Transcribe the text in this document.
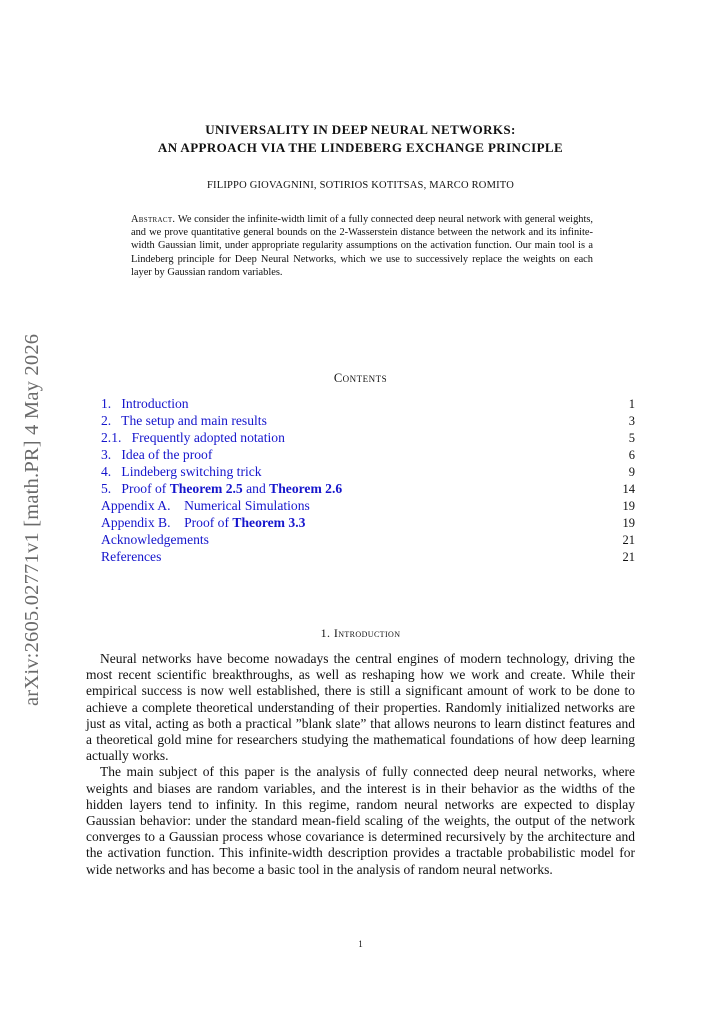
UNIVERSALITY IN DEEP NEURAL NETWORKS:
AN APPROACH VIA THE LINDEBERG EXCHANGE PRINCIPLE
FILIPPO GIOVAGNINI, SOTIRIOS KOTITSAS, MARCO ROMITO
Abstract. We consider the infinite-width limit of a fully connected deep neural network with general weights, and we prove quantitative general bounds on the 2-Wasserstein distance between the network and its infinite-width Gaussian limit, under appropriate regularity assumptions on the activation function. Our main tool is a Lindeberg principle for Deep Neural Networks, which we use to successively replace the weights on each layer by Gaussian random variables.
arXiv:2605.02771v1 [math.PR] 4 May 2026	Contents
1.   Introduction	1
2.   The setup and main results	3
2.1.   Frequently adopted notation	5
3.   Idea of the proof	6
4.   Lindeberg switching trick	9
5.   Proof of Theorem 2.5 and Theorem 2.6	14
Appendix A.    Numerical Simulations	19
Appendix B.    Proof of Theorem 3.3	19
Acknowledgements	21
References	21
1. Introduction

Neural networks have become nowadays the central engines of modern technology, driving the most recent scientific breakthroughs, as well as reshaping how we work and create. While their empirical success is now well established, there is still a significant amount of work to be done to achieve a complete theoretical understanding of their properties. Randomly initialized networks are just as vital, acting as both a practical ”blank slate” that allows neurons to learn distinct features and a theoretical gold mine for researchers studying the mathematical foundations of how deep learning actually works.

The main subject of this paper is the analysis of fully connected deep neural networks, where weights and biases are random variables, and the interest is in their behavior as the widths of the hidden layers tend to infinity. In this regime, random neural networks are expected to display Gaussian behavior: under the standard mean-field scaling of the weights, the output of the network converges to a Gaussian process whose covariance is determined recursively by the architecture and the activation function. This infinite-width description provides a tractable probabilistic model for wide networks and has become a basic tool in the analysis of random neural networks.

1
